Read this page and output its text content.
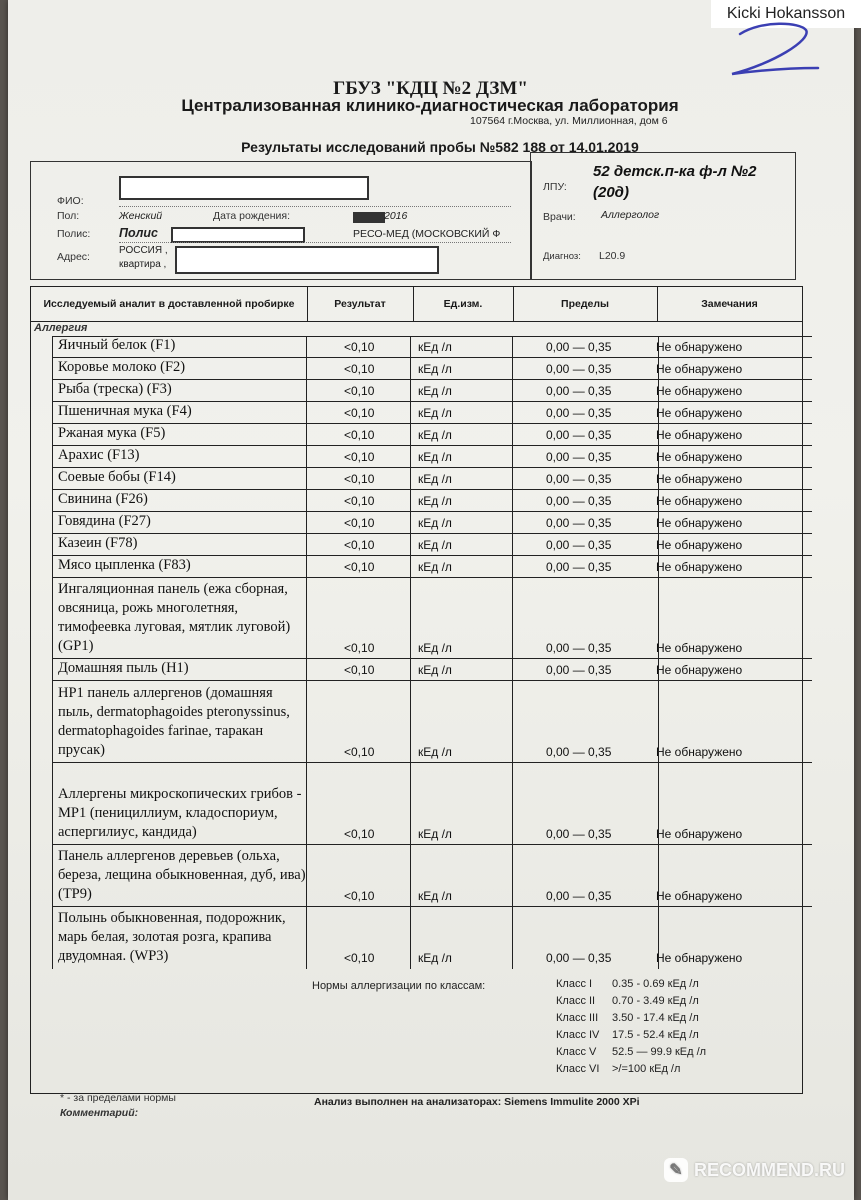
Kicki Hokansson
ГБУЗ "КДЦ №2 ДЗМ"
Централизованная клинико-диагностическая лаборатория
107564 г.Москва, ул. Миллионная, дом 6
Результаты исследований пробы №582 188 от 14.01.2019
ФИО:
Пол:	Женский	Дата рождения:	2016
Полис: Полис	РЕСО-МЕД (МОСКОВСКИЙ Ф
Адрес:
РОССИЯ ,
квартира ,
ЛПУ:
52 детск.п-ка ф-л №2
(20д)
Врачи: Аллерголог
Диагноз: L20.9
Исследуемый аналит в доставленной пробирке	Результат	Ед.изм.	Пределы	Замечания
Аллергия
Яичный белок (F1)	<0,10	кЕд /л	0,00 — 0,35	Не обнаружено
Коровье молоко (F2)	<0,10	кЕд /л	0,00 — 0,35	Не обнаружено
Рыба (треска) (F3)	<0,10	кЕд /л	0,00 — 0,35	Не обнаружено
Пшеничная мука (F4)	<0,10	кЕд /л	0,00 — 0,35	Не обнаружено
Ржаная мука (F5)	<0,10	кЕд /л	0,00 — 0,35	Не обнаружено
Арахис (F13)	<0,10	кЕд /л	0,00 — 0,35	Не обнаружено
Соевые бобы (F14)	<0,10	кЕд /л	0,00 — 0,35	Не обнаружено
Свинина (F26)	<0,10	кЕд /л	0,00 — 0,35	Не обнаружено
Говядина (F27)	<0,10	кЕд /л	0,00 — 0,35	Не обнаружено
Казеин (F78)	<0,10	кЕд /л	0,00 — 0,35	Не обнаружено
Мясо цыпленка (F83)	<0,10	кЕд /л	0,00 — 0,35	Не обнаружено
Ингаляционная панель (ежа сборная, овсяница, рожь многолетняя, тимофеевка луговая, мятлик луговой)(GP1)	<0,10	кЕд /л	0,00 — 0,35	Не обнаружено
Домашняя пыль (H1)	<0,10	кЕд /л	0,00 — 0,35	Не обнаружено
HP1 панель аллергенов (домашняя пыль, dermatophagoides pteronyssinus, dermatophagoides farinae, таракан прусак)	<0,10	кЕд /л	0,00 — 0,35	Не обнаружено
Аллергены микроскопических грибов - MP1 (пенициллиум, кладоспориум, аспергилиус, кандида)	<0,10	кЕд /л	0,00 — 0,35	Не обнаружено
Панель аллергенов деревьев (ольха, береза, лещина обыкновенная, дуб, ива)(TP9)	<0,10	кЕд /л	0,00 — 0,35	Не обнаружено
Полынь обыкновенная, подорожник, марь белая, золотая розга, крапива двудомная. (WP3)	<0,10	кЕд /л	0,00 — 0,35	Не обнаружено
Нормы аллергизации по классам:	Класс I	0.35 - 0.69 кЕд /л
Класс II	0.70 - 3.49 кЕд /л
Класс III	3.50 - 17.4 кЕд /л
Класс IV	17.5 - 52.4 кЕд /л
Класс V	52.5 — 99.9 кЕд /л
Класс VI	>/=100 кЕд /л
* - за пределами нормы
Комментарий:
Анализ выполнен на анализаторах: Siemens Immulite 2000 XPi
✎ RECOMMEND.RU
